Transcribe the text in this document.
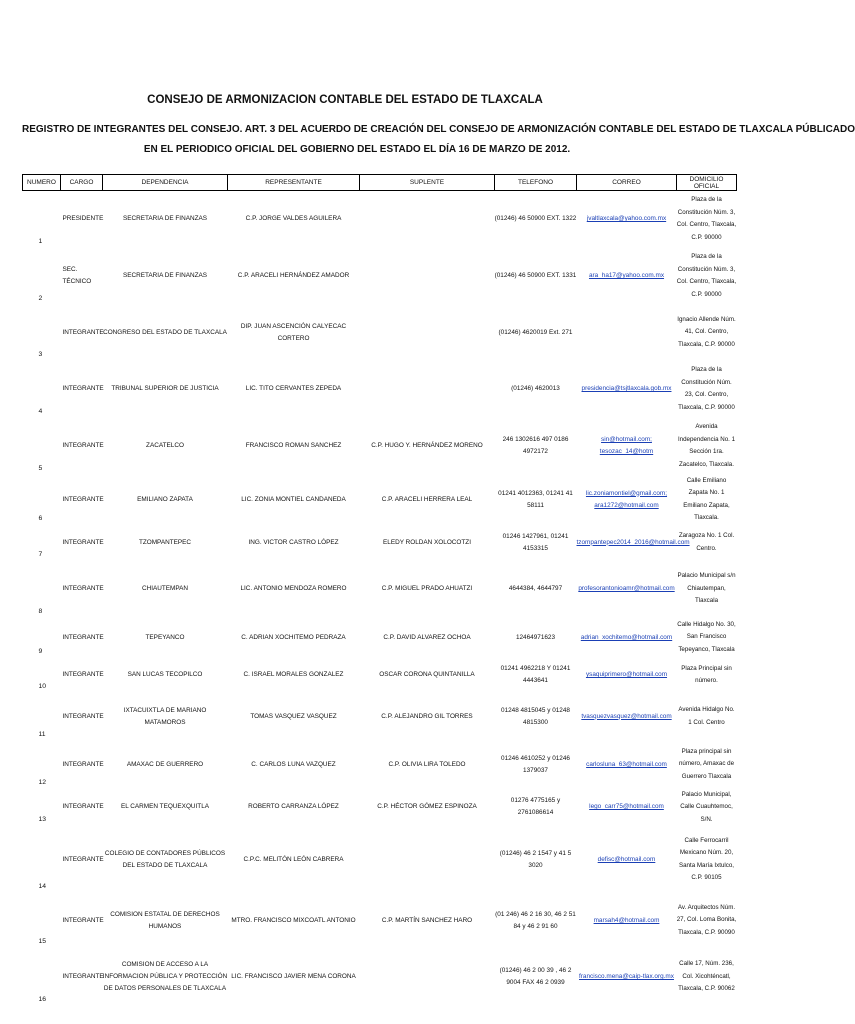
CONSEJO DE ARMONIZACION CONTABLE DEL ESTADO DE TLAXCALA
REGISTRO DE INTEGRANTES DEL CONSEJO. ART. 3 DEL ACUERDO DE CREACIÓN DEL CONSEJO DE ARMONIZACIÓN CONTABLE DEL ESTADO DE TLAXCALA PÚBLICADO
EN EL PERIODICO OFICIAL DEL GOBIERNO DEL ESTADO EL DÍA 16 DE MARZO DE 2012.
NUMERO	CARGO	DEPENDENCIA	REPRESENTANTE	SUPLENTE	TELEFONO	CORREO	DOMICILIO OFICIAL
1	PRESIDENTE	SECRETARIA DE FINANZAS	C.P. JORGE VALDES AGUILERA		(01246) 46 50900 EXT. 1322	jvaltlaxcala@yahoo.com.mx	Plaza de la Constitución Núm. 3, Col. Centro, Tlaxcala, C.P. 90000
2	SEC. TÉCNICO	SECRETARIA DE FINANZAS	C.P. ARACELI HERNÁNDEZ AMADOR		(01246) 46 50900 EXT. 1331	ara_ha17@yahoo.com.mx	Plaza de la Constitución Núm. 3, Col. Centro, Tlaxcala, C.P. 90000
3	INTEGRANTE	CONGRESO DEL ESTADO DE TLAXCALA	DIP. JUAN ASCENCIÓN CALYECAC CORTERO		(01246) 4620019 Ext. 271		Ignacio Allende Núm. 41, Col. Centro, Tlaxcala, C.P. 90000
4	INTEGRANTE	TRIBUNAL SUPERIOR DE JUSTICIA	LIC. TITO CERVANTES ZEPEDA		(01246) 4620013	presidencia@tsjtlaxcala.gob.mx	Plaza de la Constitución Núm. 23, Col. Centro, Tlaxcala, C.P. 90000
5	INTEGRANTE	ZACATELCO	FRANCISCO ROMAN SANCHEZ	C.P. HUGO Y. HERNÁNDEZ MORENO	246 1302616 497 0186 4972172	sin@hotmail.com; tesozac_14@hotm	Avenida Independencia No. 1 Sección 1ra. Zacatelco, Tlaxcala.
6	INTEGRANTE	EMILIANO ZAPATA	LIC. ZONIA MONTIEL CANDANEDA	C.P. ARACELI HERRERA LEAL	01241 4012363, 01241 41 58111	lic.zoniamontiel@gmail.com; ara1272@hotmail.com	Calle Emiliano Zapata No. 1 Emiliano Zapata, Tlaxcala.
7	INTEGRANTE	TZOMPANTEPEC	ING. VICTOR CASTRO LÓPEZ	ELEDY ROLDAN XOLOCOTZI	01246 1427961, 01241 4153315	tzompantepec2014_2016@hotmail.com	Zaragoza No. 1 Col. Centro.
8	INTEGRANTE	CHIAUTEMPAN	LIC. ANTONIO MENDOZA ROMERO	C.P. MIGUEL PRADO AHUATZI	4644384, 4644797	profesorantonioamr@hotmail.com	Palacio Municipal s/n Chiautempan, Tlaxcala
9	INTEGRANTE	TEPEYANCO	C. ADRIAN XOCHITEMO PEDRAZA	C.P. DAVID ALVAREZ OCHOA	12464971623	adrian_xochitemo@hotmail.com	Calle Hidalgo No. 30, San Francisco Tepeyanco, Tlaxcala
10	INTEGRANTE	SAN LUCAS TECOPILCO	C. ISRAEL MORALES GONZALEZ	OSCAR CORONA QUINTANILLA	01241 4962218 Y 01241 4443641	ysaquiprimero@hotmail.com	Plaza Principal sin número.
11	INTEGRANTE	IXTACUIXTLA DE MARIANO MATAMOROS	TOMAS VASQUEZ VASQUEZ	C.P. ALEJANDRO GIL TORRES	01248 4815045 y 01248 4815300	tvasquezvasquez@hotmail.com	Avenida Hidalgo No. 1 Col. Centro
12	INTEGRANTE	AMAXAC DE GUERRERO	C. CARLOS LUNA VAZQUEZ	C.P. OLIVIA LIRA TOLEDO	01246 4610252 y 01246 1379037	carlosluna_63@hotmail.com	Plaza principal sin número, Amaxac de Guerrero Tlaxcala
13	INTEGRANTE	EL CARMEN TEQUEXQUITLA	ROBERTO CARRANZA LÓPEZ	C.P. HÉCTOR GÓMEZ ESPINOZA	01276 4775165 y 2761086614	lego_carr75@hotmail.com	Palacio Municipal, Calle Cuauhtemoc, S/N.
14	INTEGRANTE	COLEGIO DE CONTADORES PÚBLICOS DEL ESTADO DE TLAXCALA	C.P.C. MELITÓN LEÓN CABRERA		(01246) 46 2 1547 y 41 5 3020	defisc@hotmail.com	Calle Ferrocarril Mexicano Núm. 20, Santa María Ixtulco, C.P. 90105
15	INTEGRANTE	COMISION ESTATAL DE DERECHOS HUMANOS	MTRO. FRANCISCO MIXCOATL ANTONIO	C.P. MARTÍN SANCHEZ HARO	(01 246) 46 2 16 30, 46 2 51 84 y 46 2 91 60	marsah4@hotmail.com	Av. Arquitectos Núm. 27, Col. Loma Bonita, Tlaxcala, C.P. 90090
16	INTEGRANTE	COMISION DE ACCESO A LA INFORMACION PÚBLICA Y PROTECCIÓN DE DATOS PERSONALES DE TLAXCALA	LIC. FRANCISCO JAVIER MENA CORONA		(01246) 46 2 00 39 , 46 2 9004 FAX 46 2 0939	francisco.mena@caip-tlax.org.mx	Calle 17, Núm. 236, Col. Xicohténcatl, Tlaxcala, C.P. 90062
